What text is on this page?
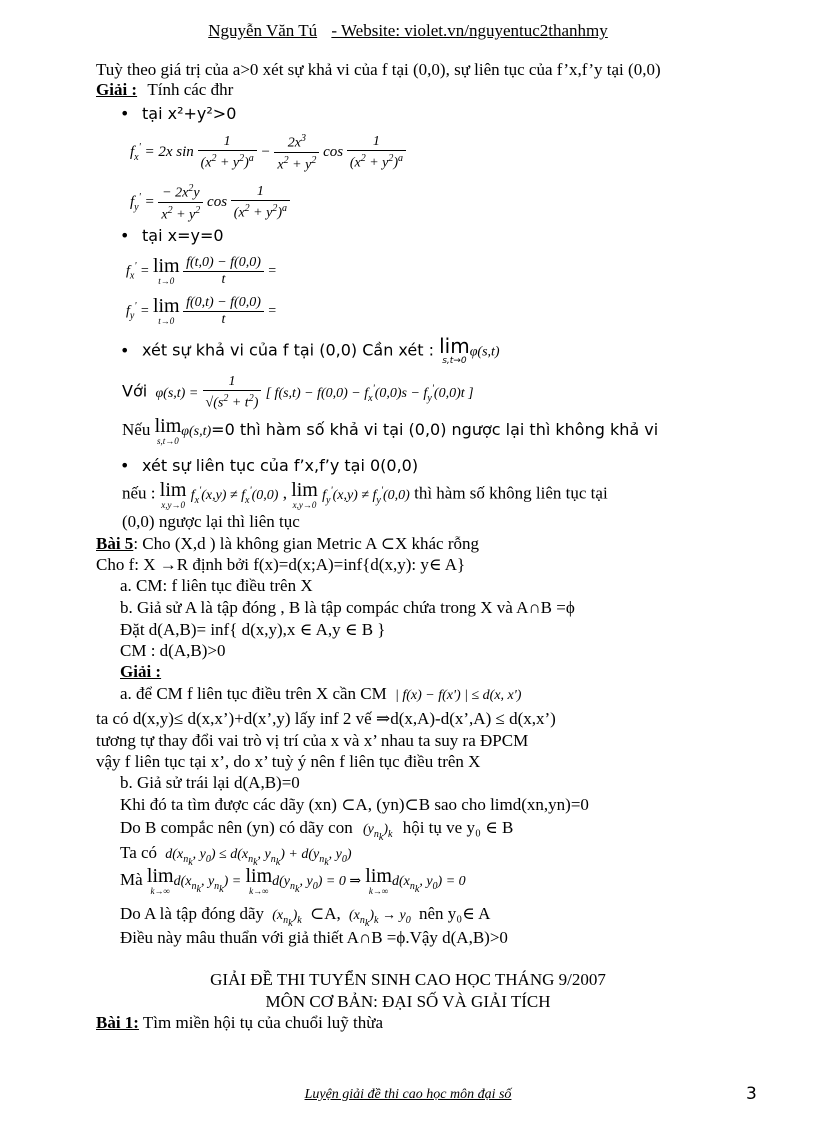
Nguyễn Văn Tú - Website: violet.vn/nguyentuc2thanhmy
Tuỳ theo giá trị của a>0 xét sự khả vi của f tại (0,0), sự liên tục của f’x,f’y tại (0,0)
Giải : Tính các đhr
• tại x²+y²>0
$f_x' = 2x$ $\sin \frac{1}{(x^2 + y^2)^a} - \frac{2x^3}{x^2 + y^2}$ $\cos \frac{1}{(x^2 + y^2)^a}$
$f_y' = \frac{- 2x^2y}{x^2 + y^2}$ $\cos \frac{1}{(x^2 + y^2)^a}$
• tại x=y=0
$f_x' = \lim$
t→0
$\frac{f(t,0) - f(0,0)}{t}$ =
$f_y' = \lim$
t→0
$\frac{f(0,t) - f(0,0)}{t}$ =
• xét sự khả vi của f tại (0,0) Cần xét : lim
s,t→0
φ(s,t)
Với $\varphi(s,t) = \frac{1}{√(s^2 + t^2)}$ [ $f(s,t) - f(0,0) - f_x'(0,0)s - f_y'(0,0)t$ ]
Nếu lim
s,t→0
φ(s,t)=0 thì hàm số khả vi tại (0,0) ngược lại thì không khả vi
• xét sự liên tục của f’x,f’y tại 0(0,0)
nếu : lim
x,y→0
$f_x'(x,y) \ne f_x'(0,0)$ , lim
x,y→0
$f_y'(x,y) \ne f_y'(0,0)$ thì hàm số không liên tục tại
(0,0) ngược lại thì liên tục
Bài 5: Cho (X,d ) là không gian Metric A ⊂X khác rỗng
Cho f: X →R định bởi f(x)=d(x;A)=inf{d(x,y): y∈ A}
a. CM: f liên tục điều trên X
b. Giả sử A là tập đóng , B là tập compác chứa trong X và A∩B =ϕ
Đặt d(A,B)= inf{ d(x,y),x ∈ A,y ∈ B }
CM : d(A,B)>0
Giải :
a. để CM f liên tục điều trên X cần CM | f(x) − f(x') | ≤ d(x, x')
ta có d(x,y)≤ d(x,x’)+d(x’,y) lấy inf 2 vế ⇒d(x,A)-d(x’,A) ≤ d(x,x’)
tương tự thay đổi vai trò vị trí của x và x’ nhau ta suy ra ĐPCM
vậy f liên tục tại x’, do x’ tuỳ ý nên f liên tục điều trên X
b. Giả sử trái lại d(A,B)=0
Khi đó ta tìm được các dãy (xn) ⊂A, (yn)⊂B sao cho limd(xn,yn)=0
Do B compắc nên (yn) có dãy con $(y_{n_k})_k$ hội tụ ve y₀ ∈ B
Ta có $d(x_{n_k}$, $y_0) \le d(x_{n_k}$, $y_{n_k}) + d(y_{n_k}$, $y_0$)
Mà lim
k→∞
$d(x_{n_k}$, $y_{n_k}) = \lim$
k→∞
$d(y_{n_k}$, $y_0) = 0$ ⇒ lim
k→∞
$d(x_{n_k}$, $y_0) = 0$
Do A là tập đóng dãy $(x_{n_k})_k$ ⊂A, $(x_{n_k})_k \to y_0$ nên y₀∈ A
Điều này mâu thuẩn với giả thiết A∩B =ϕ.Vậy d(A,B)>0
GIẢI ĐỀ THI TUYỂN SINH CAO HỌC THÁNG 9/2007
MÔN CƠ BẢN: ĐẠI SỐ VÀ GIẢI TÍCH
Bài 1: Tìm miền hội tụ của chuổi luỹ thừa
Luyện giải đề thi cao học môn đại số	3
